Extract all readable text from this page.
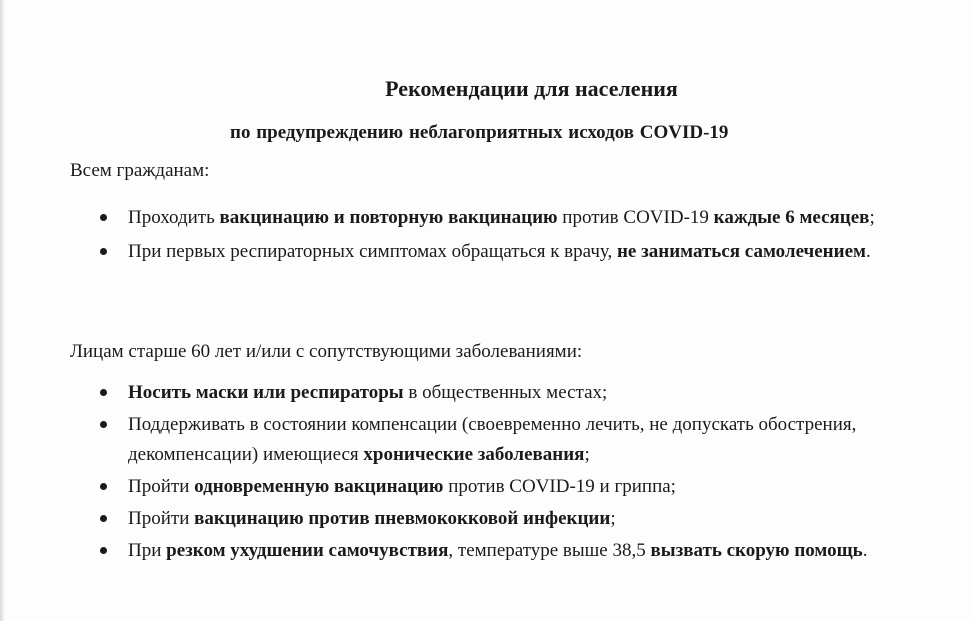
Рекомендации для населения

по предупреждению неблагоприятных исходов COVID-19

Всем гражданам:

Проходить вакцинацию и повторную вакцинацию против COVID-19 каждые 6 месяцев;
При первых респираторных симптомах обращаться к врачу, не заниматься самолечением.

Лицам старше 60 лет и/или с сопутствующими заболеваниями:

Носить маски или респираторы в общественных местах;
Поддерживать в состоянии компенсации (своевременно лечить, не допускать обострения, декомпенсации) имеющиеся хронические заболевания;
Пройти одновременную вакцинацию против COVID-19 и гриппа;
Пройти вакцинацию против пневмококковой инфекции;
При резком ухудшении самочувствия, температуре выше 38,5 вызвать скорую помощь.
